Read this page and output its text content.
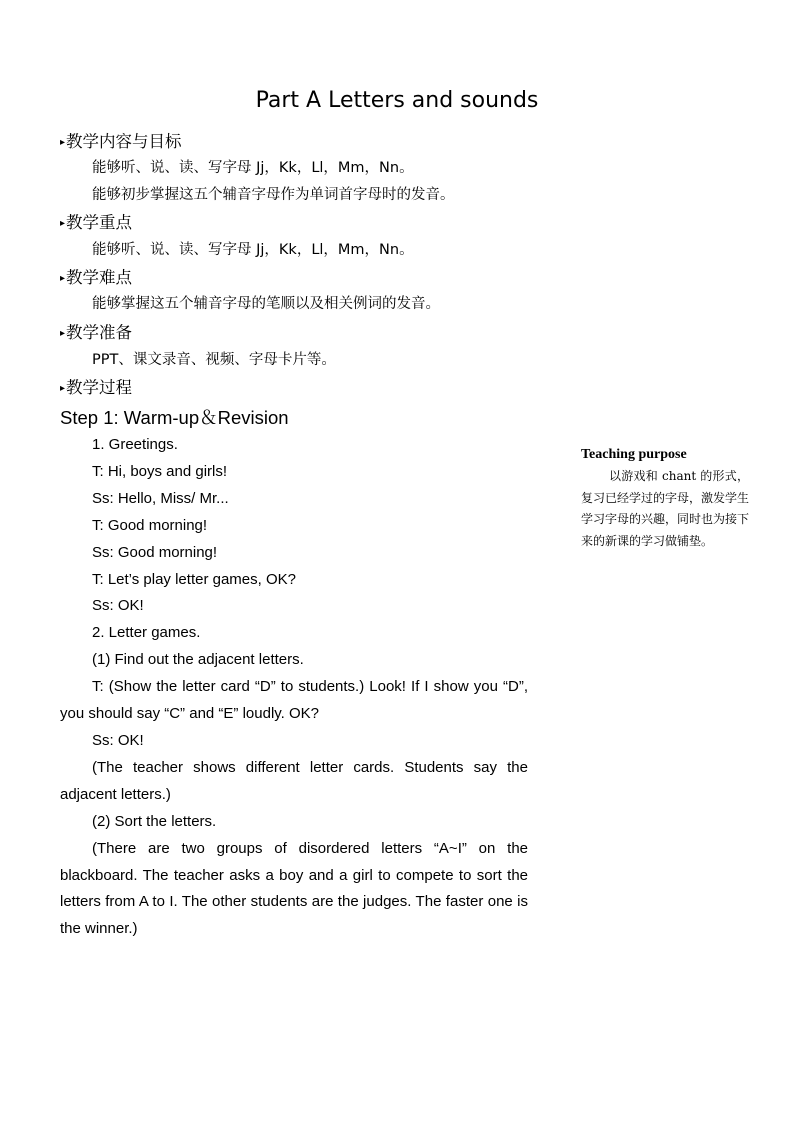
Part A Letters and sounds
▸教学内容与目标
能够听、说、读、写字母 Jj，Kk，Ll，Mm，Nn。
能够初步掌握这五个辅音字母作为单词首字母时的发音。
▸教学重点
能够听、说、读、写字母 Jj，Kk，Ll，Mm，Nn。
▸教学难点
能够掌握这五个辅音字母的笔顺以及相关例词的发音。
▸教学准备
PPT、课文录音、视频、字母卡片等。
▸教学过程
Step 1: Warm-up＆Revision

1. Greetings.

T: Hi, boys and girls!

Ss: Hello, Miss/ Mr...

T: Good morning!

Ss: Good morning!

T: Let’s play letter games, OK?

Ss: OK!

2. Letter games.

(1) Find out the adjacent letters.

T: (Show the letter card “D” to students.) Look! If I show you “D”, you should say “C” and “E” loudly. OK?

Ss: OK!

(The teacher shows different letter cards. Students say the adjacent letters.)

(2) Sort the letters.

(There are two groups of disordered letters “A~I” on the blackboard. The teacher asks a boy and a girl to compete to sort the letters from A to I. The other students are the judges. The faster one is the winner.)

Teaching purpose
以游戏和 chant 的形式，复习已经学过的字母，激发学生学习字母的兴趣，同时也为接下来的新课的学习做铺垫。
